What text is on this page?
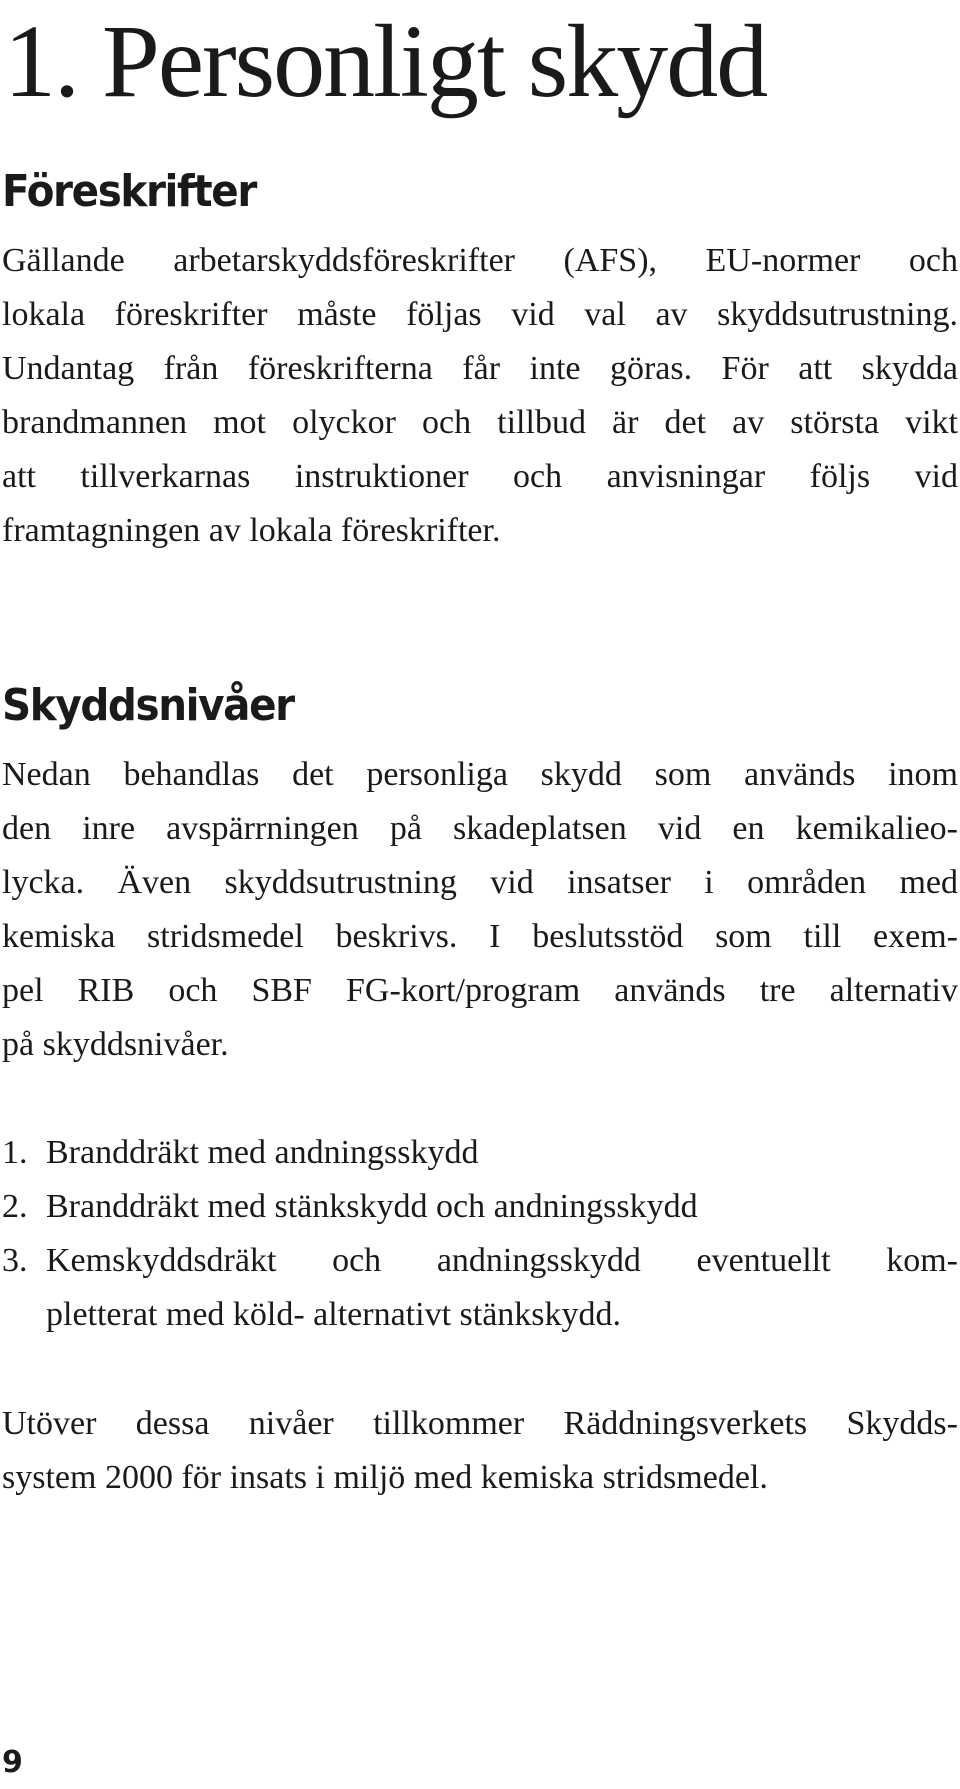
1. Personligt skydd
Föreskrifter

Gällande arbetarskyddsföreskrifter (AFS), EU-normer och
lokala föreskrifter måste följas vid val av skyddsutrustning.
Undantag från föreskrifterna får inte göras. För att skydda
brandmannen mot olyckor och tillbud är det av största vikt
att tillverkarnas instruktioner och anvisningar följs vid
framtagningen av lokala föreskrifter.

Skyddsnivåer

Nedan behandlas det personliga skydd som används inom
den inre avspärrningen på skadeplatsen vid en kemikalieo-
lycka. Även skyddsutrustning vid insatser i områden med
kemiska stridsmedel beskrivs. I beslutsstöd som till exem-
pel RIB och SBF FG-kort/program används tre alternativ
på skyddsnivåer.

1. Branddräkt med andningsskydd
2. Branddräkt med stänkskydd och andningsskydd
3. Kemskyddsdräkt och andningsskydd eventuellt kom-
pletterat med köld- alternativt stänkskydd.

Utöver dessa nivåer tillkommer Räddningsverkets Skydds-
system 2000 för insats i miljö med kemiska stridsmedel.

9
